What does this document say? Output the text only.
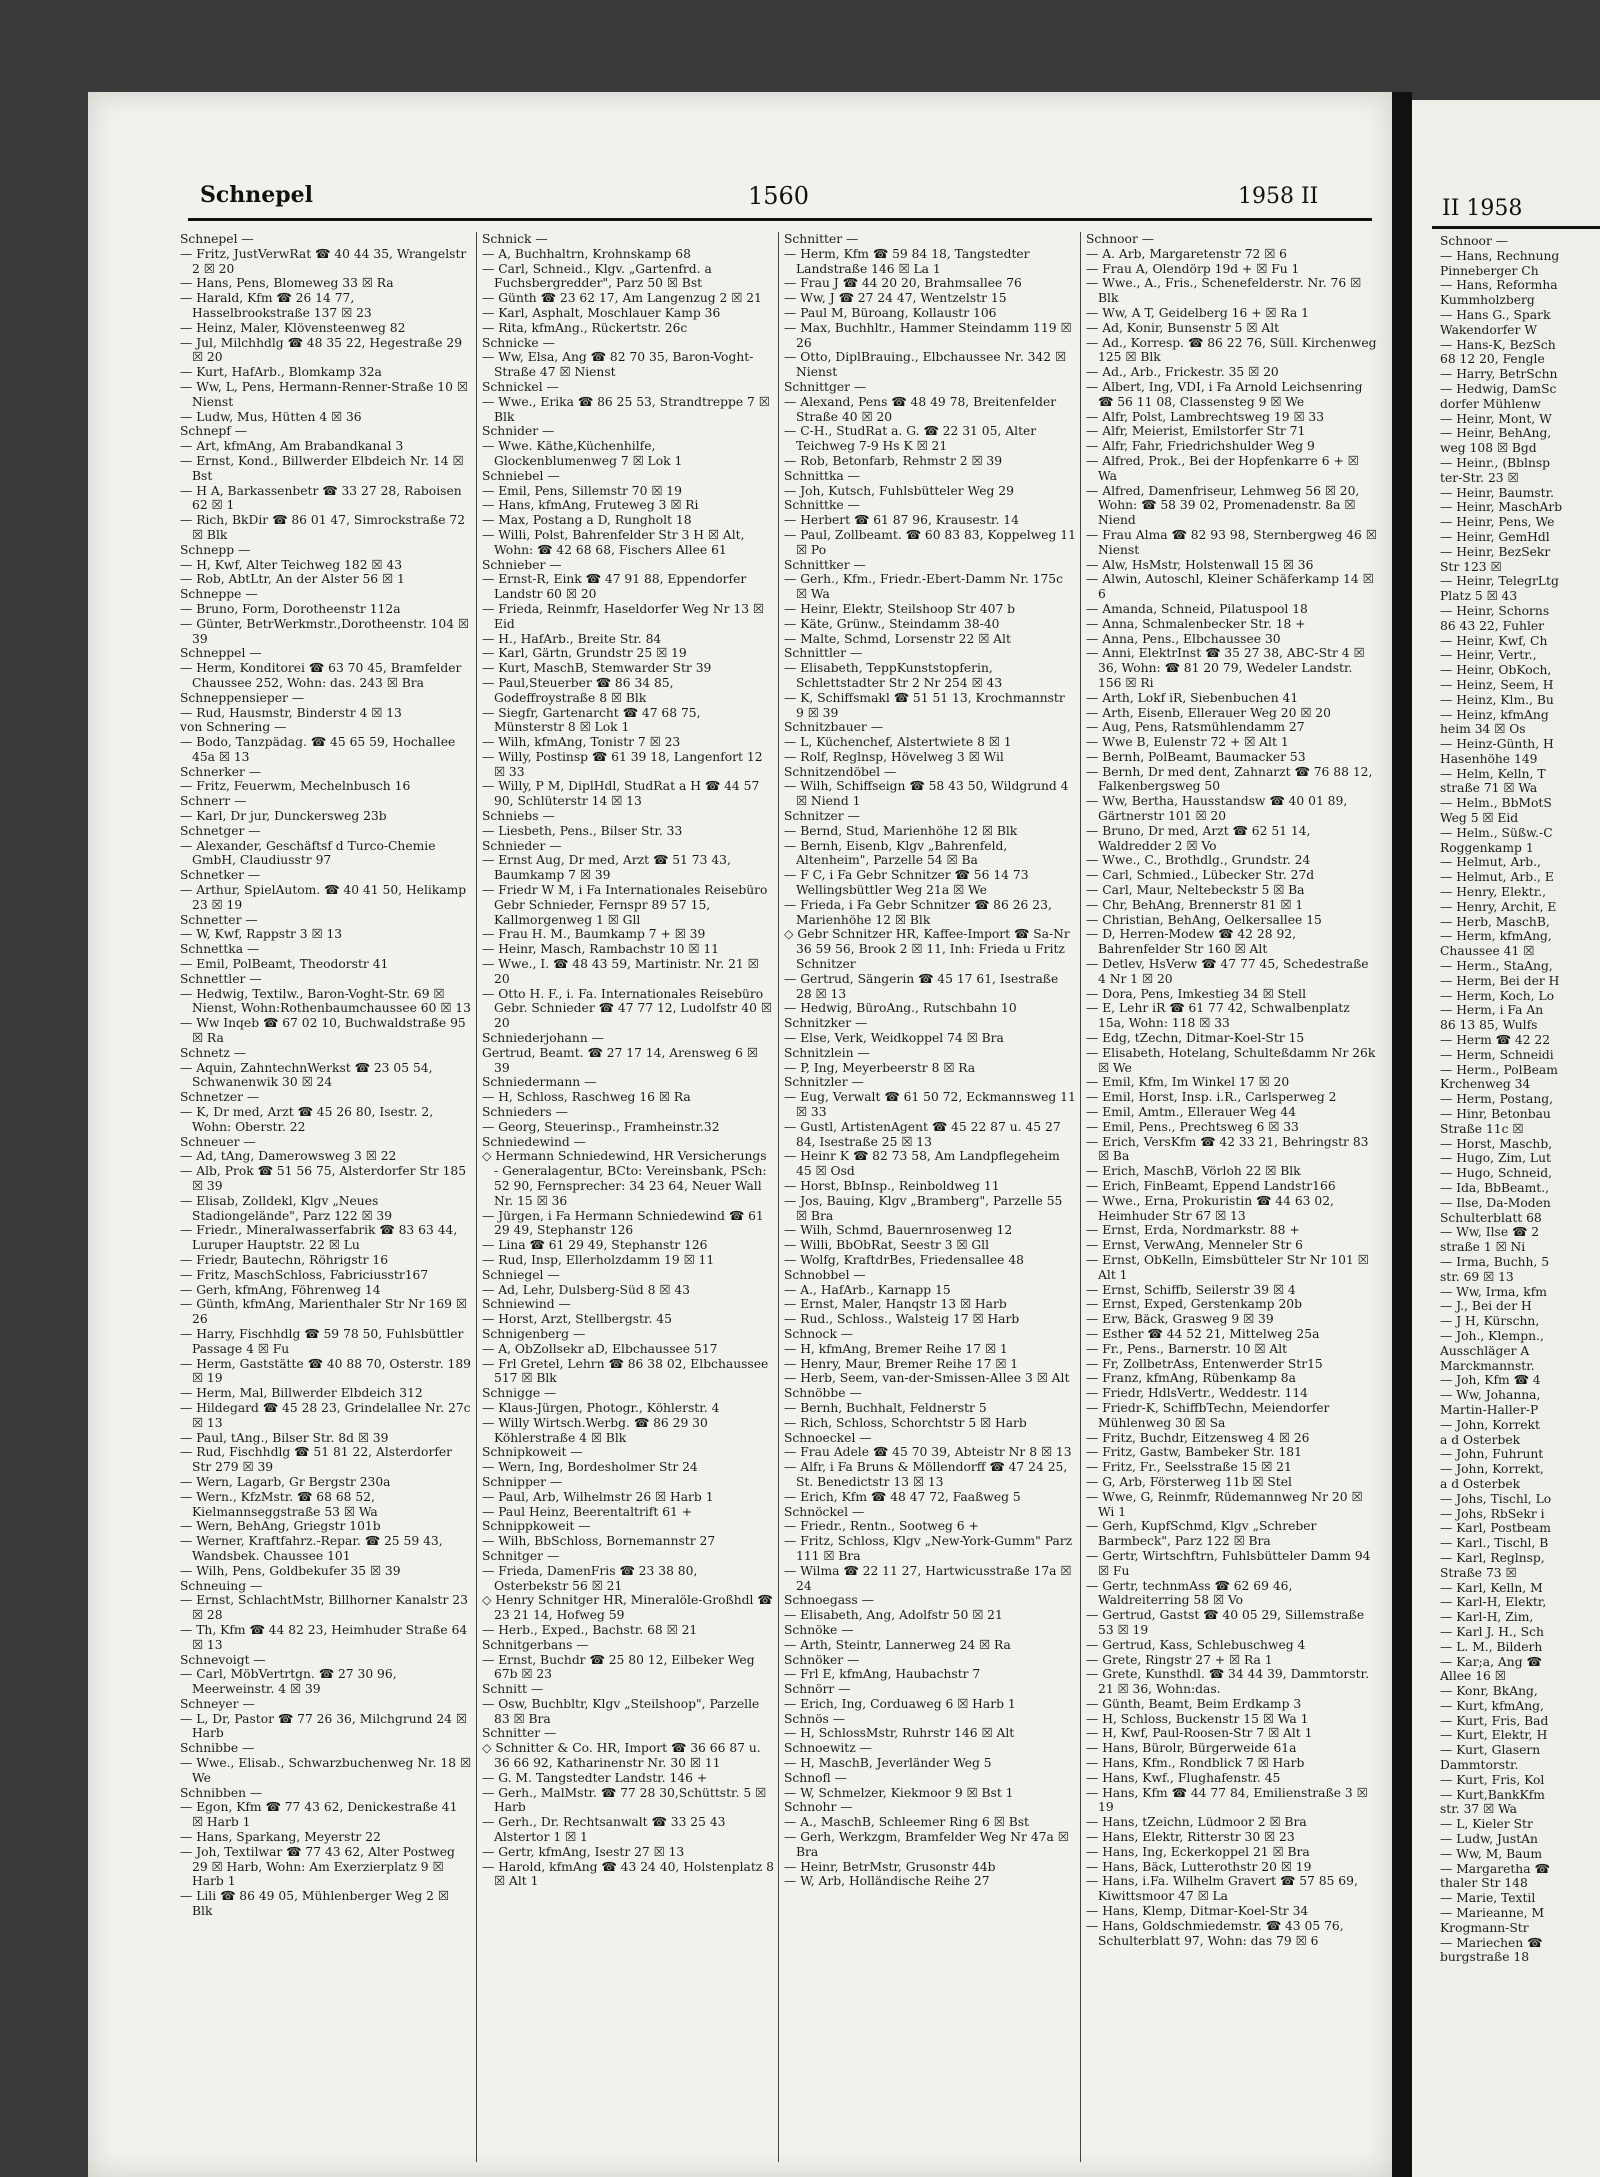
Schnepel	1560	1958 II

Schnepel —

— Fritz, JustVerwRat ☎ 40 44 35, Wrangelstr 2 ☒ 20

— Hans, Pens, Blomeweg 33 ☒ Ra

— Harald, Kfm ☎ 26 14 77, Hasselbrookstraße 137 ☒ 23

— Heinz, Maler, Klövensteenweg 82

— Jul, Milchhdlg ☎ 48 35 22, Hegestraße 29 ☒ 20

— Kurt, HafArb., Blomkamp 32a

— Ww, L, Pens, Hermann-Renner-Straße 10 ☒ Nienst

— Ludw, Mus, Hütten 4 ☒ 36

Schnepf —

— Art, kfmAng, Am Brabandkanal 3

— Ernst, Kond., Billwerder Elbdeich Nr. 14 ☒ Bst

— H A, Barkassenbetr ☎ 33 27 28, Raboisen 62 ☒ 1

— Rich, BkDir ☎ 86 01 47, Simrockstraße 72 ☒ Blk

Schnepp —

— H, Kwf, Alter Teichweg 182 ☒ 43

— Rob, AbtLtr, An der Alster 56 ☒ 1

Schneppe —

— Bruno, Form, Dorotheenstr 112a

— Günter, BetrWerkmstr.,Dorotheenstr. 104 ☒ 39

Schneppel —

— Herm, Konditorei ☎ 63 70 45, Bramfelder Chaussee 252, Wohn: das. 243 ☒ Bra

Schneppensieper —

— Rud, Hausmstr, Binderstr 4 ☒ 13

von Schnering —

— Bodo, Tanzpädag. ☎ 45 65 59, Hochallee 45a ☒ 13

Schnerker —

— Fritz, Feuerwm, Mechelnbusch 16

Schnerr —

— Karl, Dr jur, Dunckersweg 23b

Schnetger —

— Alexander, Geschäftsf d Turco-Chemie GmbH, Claudiusstr 97

Schnetker —

— Arthur, SpielAutom. ☎ 40 41 50, Helikamp 23 ☒ 19

Schnetter —

— W, Kwf, Rappstr 3 ☒ 13

Schnettka —

— Emil, PolBeamt, Theodorstr 41

Schnettler —

— Hedwig, Textilw., Baron-Voght-Str. 69 ☒ Nienst, Wohn:Rothenbaumchaussee 60 ☒ 13

— Ww Inqeb ☎ 67 02 10, Buchwaldstraße 95 ☒ Ra

Schnetz —

— Aquin, ZahntechnWerkst ☎ 23 05 54, Schwanenwik 30 ☒ 24

Schnetzer —

— K, Dr med, Arzt ☎ 45 26 80, Isestr. 2, Wohn: Oberstr. 22

Schneuer —

— Ad, tAng, Damerowsweg 3 ☒ 22

— Alb, Prok ☎ 51 56 75, Alsterdorfer Str 185 ☒ 39

— Elisab, Zolldekl, Klgv „Neues Stadiongelände", Parz 122 ☒ 39

— Friedr., Mineralwasserfabrik ☎ 83 63 44, Luruper Hauptstr. 22 ☒ Lu

— Friedr, Bautechn, Röhrigstr 16

— Fritz, MaschSchloss, Fabriciusstr167

— Gerh, kfmAng, Föhrenweg 14

— Günth, kfmAng, Marienthaler Str Nr 169 ☒ 26

— Harry, Fischhdlg ☎ 59 78 50, Fuhlsbüttler Passage 4 ☒ Fu

— Herm, Gaststätte ☎ 40 88 70, Osterstr. 189 ☒ 19

— Herm, Mal, Billwerder Elbdeich 312

— Hildegard ☎ 45 28 23, Grindelallee Nr. 27c ☒ 13

— Paul, tAng., Bilser Str. 8d ☒ 39

— Rud, Fischhdlg ☎ 51 81 22, Alsterdorfer Str 279 ☒ 39

— Wern, Lagarb, Gr Bergstr 230a

— Wern., KfzMstr. ☎ 68 68 52, Kielmannseggstraße 53 ☒ Wa

— Wern, BehAng, Griegstr 101b

— Werner, Kraftfahrz.-Repar. ☎ 25 59 43, Wandsbek. Chaussee 101

— Wilh, Pens, Goldbekufer 35 ☒ 39

Schneuing —

— Ernst, SchlachtMstr, Billhorner Kanalstr 23 ☒ 28

— Th, Kfm ☎ 44 82 23, Heimhuder Straße 64 ☒ 13

Schnevoigt —

— Carl, MöbVertrtgn. ☎ 27 30 96, Meerweinstr. 4 ☒ 39

Schneyer —

— L, Dr, Pastor ☎ 77 26 36, Milchgrund 24 ☒ Harb

Schnibbe —

— Wwe., Elisab., Schwarzbuchenweg Nr. 18 ☒ We

Schnibben —

— Egon, Kfm ☎ 77 43 62, Denickestraße 41 ☒ Harb 1

— Hans, Sparkang, Meyerstr 22

— Joh, Textilwar ☎ 77 43 62, Alter Postweg 29 ☒ Harb, Wohn: Am Exerzierplatz 9 ☒ Harb 1

— Lili ☎ 86 49 05, Mühlenberger Weg 2 ☒ Blk

Schnick —

— A, Buchhaltrn, Krohnskamp 68

— Carl, Schneid., Klgv. „Gartenfrd. a Fuchsbergredder", Parz 50 ☒ Bst

— Günth ☎ 23 62 17, Am Langenzug 2 ☒ 21

— Karl, Asphalt, Moschlauer Kamp 36

— Rita, kfmAng., Rückertstr. 26c

Schnicke —

— Ww, Elsa, Ang ☎ 82 70 35, Baron-Voght-Straße 47 ☒ Nienst

Schnickel —

— Wwe., Erika ☎ 86 25 53, Strandtreppe 7 ☒ Blk

Schnider —

— Wwe. Käthe,Küchenhilfe, Glockenblumenweg 7 ☒ Lok 1

Schniebel —

— Emil, Pens, Sillemstr 70 ☒ 19

— Hans, kfmAng, Fruteweg 3 ☒ Ri

— Max, Postang a D, Rungholt 18

— Willi, Polst, Bahrenfelder Str 3 H ☒ Alt, Wohn: ☎ 42 68 68, Fischers Allee 61

Schnieber —

— Ernst-R, Eink ☎ 47 91 88, Eppendorfer Landstr 60 ☒ 20

— Frieda, Reinmfr, Haseldorfer Weg Nr 13 ☒ Eid

— H., HafArb., Breite Str. 84

— Karl, Gärtn, Grundstr 25 ☒ 19

— Kurt, MaschB, Stemwarder Str 39

— Paul,Steuerber ☎ 86 34 85, Godeffroystraße 8 ☒ Blk

— Siegfr, Gartenarcht ☎ 47 68 75, Münsterstr 8 ☒ Lok 1

— Wilh, kfmAng, Tonistr 7 ☒ 23

— Willy, Postinsp ☎ 61 39 18, Langenfort 12 ☒ 33

— Willy, P M, DiplHdl, StudRat a H ☎ 44 57 90, Schlüterstr 14 ☒ 13

Schniebs —

— Liesbeth, Pens., Bilser Str. 33

Schnieder —

— Ernst Aug, Dr med, Arzt ☎ 51 73 43, Baumkamp 7 ☒ 39

— Friedr W M, i Fa Internationales Reisebüro Gebr Schnieder, Fernspr 89 57 15, Kallmorgenweg 1 ☒ Gll

— Frau H. M., Baumkamp 7 + ☒ 39

— Heinr, Masch, Rambachstr 10 ☒ 11

— Wwe., I. ☎ 48 43 59, Martinistr. Nr. 21 ☒ 20

— Otto H. F., i. Fa. Internationales Reisebüro Gebr. Schnieder ☎ 47 77 12, Ludolfstr 40 ☒ 20

Schniederjohann —

Gertrud, Beamt. ☎ 27 17 14, Arensweg 6 ☒ 39

Schniedermann —

— H, Schloss, Raschweg 16 ☒ Ra

Schnieders —

— Georg, Steuerinsp., Framheinstr.32

Schniedewind —

◇ Hermann Schniedewind, HR Versicherungs - Generalagentur, BCto: Vereinsbank, PSch: 52 90, Fernsprecher: 34 23 64, Neuer Wall Nr. 15 ☒ 36

— Jürgen, i Fa Hermann Schniedewind ☎ 61 29 49, Stephanstr 126

— Lina ☎ 61 29 49, Stephanstr 126

— Rud, Insp, Ellerholzdamm 19 ☒ 11

Schniegel —

— Ad, Lehr, Dulsberg-Süd 8 ☒ 43

Schniewind —

— Horst, Arzt, Stellbergstr. 45

Schnigenberg —

— A, ObZollsekr aD, Elbchaussee 517

— Frl Gretel, Lehrn ☎ 86 38 02, Elbchaussee 517 ☒ Blk

Schnigge —

— Klaus-Jürgen, Photogr., Köhlerstr. 4

— Willy Wirtsch.Werbg. ☎ 86 29 30 Köhlerstraße 4 ☒ Blk

Schnipkoweit —

— Wern, Ing, Bordesholmer Str 24

Schnipper —

— Paul, Arb, Wilhelmstr 26 ☒ Harb 1

— Paul Heinz, Beerentaltrift 61 +

Schnippkoweit —

— Wilh, BbSchloss, Bornemannstr 27

Schnitger —

— Frieda, DamenFris ☎ 23 38 80, Osterbekstr 56 ☒ 21

◇ Henry Schnitger HR, Mineralöle-Großhdl ☎ 23 21 14, Hofweg 59

— Herb., Exped., Bachstr. 68 ☒ 21

Schnitgerbans —

— Ernst, Buchdr ☎ 25 80 12, Eilbeker Weg 67b ☒ 23

Schnitt —

— Osw, Buchbltr, Klgv „Steilshoop", Parzelle 83 ☒ Bra

Schnitter —

◇ Schnitter & Co. HR, Import ☎ 36 66 87 u. 36 66 92, Katharinenstr Nr. 30 ☒ 11

— G. M. Tangstedter Landstr. 146 +

— Gerh., MalMstr. ☎ 77 28 30,Schüttstr. 5 ☒ Harb

— Gerh., Dr. Rechtsanwalt ☎ 33 25 43 Alstertor 1 ☒ 1

— Gertr, kfmAng, Isestr 27 ☒ 13

— Harold, kfmAng ☎ 43 24 40, Holstenplatz 8 ☒ Alt 1

Schnitter —

— Herm, Kfm ☎ 59 84 18, Tangstedter Landstraße 146 ☒ La 1

— Frau J ☎ 44 20 20, Brahmsallee 76

— Ww, J ☎ 27 24 47, Wentzelstr 15

— Paul M, Büroang, Kollaustr 106

— Max, Buchhltr., Hammer Steindamm 119 ☒ 26

— Otto, DiplBrauing., Elbchaussee Nr. 342 ☒ Nienst

Schnittger —

— Alexand, Pens ☎ 48 49 78, Breitenfelder Straße 40 ☒ 20

— C-H., StudRat a. G. ☎ 22 31 05, Alter Teichweg 7-9 Hs K ☒ 21

— Rob, Betonfarb, Rehmstr 2 ☒ 39

Schnittka —

— Joh, Kutsch, Fuhlsbütteler Weg 29

Schnittke —

— Herbert ☎ 61 87 96, Krausestr. 14

— Paul, Zollbeamt. ☎ 60 83 83, Koppelweg 11 ☒ Po

Schnittker —

— Gerh., Kfm., Friedr.-Ebert-Damm Nr. 175c ☒ Wa

— Heinr, Elektr, Steilshoop Str 407 b

— Käte, Grünw., Steindamm 38-40

— Malte, Schmd, Lorsenstr 22 ☒ Alt

Schnittler —

— Elisabeth, TeppKunststopferin, Schlettstadter Str 2 Nr 254 ☒ 43

— K, Schiffsmakl ☎ 51 51 13, Krochmannstr 9 ☒ 39

Schnitzbauer —

— L, Küchenchef, Alstertwiete 8 ☒ 1

— Rolf, Reglnsp, Hövelweg 3 ☒ Wil

Schnitzendöbel —

— Wilh, Schiffseign ☎ 58 43 50, Wildgrund 4 ☒ Niend 1

Schnitzer —

— Bernd, Stud, Marienhöhe 12 ☒ Blk

— Bernh, Eisenb, Klgv „Bahrenfeld, Altenheim", Parzelle 54 ☒ Ba

— F C, i Fa Gebr Schnitzer ☎ 56 14 73 Wellingsbüttler Weg 21a ☒ We

— Frieda, i Fa Gebr Schnitzer ☎ 86 26 23, Marienhöhe 12 ☒ Blk

◇ Gebr Schnitzer HR, Kaffee-Import ☎ Sa-Nr 36 59 56, Brook 2 ☒ 11, Inh: Frieda u Fritz Schnitzer

— Gertrud, Sängerin ☎ 45 17 61, Isestraße 28 ☒ 13

— Hedwig, BüroAng., Rutschbahn 10

Schnitzker —

— Else, Verk, Weidkoppel 74 ☒ Bra

Schnitzlein —

— P, Ing, Meyerbeerstr 8 ☒ Ra

Schnitzler —

— Eug, Verwalt ☎ 61 50 72, Eckmannsweg 11 ☒ 33

— Gustl, ArtistenAgent ☎ 45 22 87 u. 45 27 84, Isestraße 25 ☒ 13

— Heinr K ☎ 82 73 58, Am Landpflegeheim 45 ☒ Osd

— Horst, BbInsp., Reinboldweg 11

— Jos, Bauing, Klgv „Bramberg", Parzelle 55 ☒ Bra

— Wilh, Schmd, Bauernrosenweg 12

— Willi, BbObRat, Seestr 3 ☒ Gll

— Wolfg, KraftdrBes, Friedensallee 48

Schnobbel —

— A., HafArb., Karnapp 15

— Ernst, Maler, Hanqstr 13 ☒ Harb

— Rud., Schloss., Walsteig 17 ☒ Harb

Schnock —

— H, kfmAng, Bremer Reihe 17 ☒ 1

— Henry, Maur, Bremer Reihe 17 ☒ 1

— Herb, Seem, van-der-Smissen-Allee 3 ☒ Alt

Schnöbbe —

— Bernh, Buchhalt, Feldnerstr 5

— Rich, Schloss, Schorchtstr 5 ☒ Harb

Schnoeckel —

— Frau Adele ☎ 45 70 39, Abteistr Nr 8 ☒ 13

— Alfr, i Fa Bruns & Möllendorff ☎ 47 24 25, St. Benedictstr 13 ☒ 13

— Erich, Kfm ☎ 48 47 72, Faaßweg 5

Schnöckel —

— Friedr., Rentn., Sootweg 6 +

— Fritz, Schloss, Klgv „New-York-Gumm" Parz 111 ☒ Bra

— Wilma ☎ 22 11 27, Hartwicusstraße 17a ☒ 24

Schnoegass —

— Elisabeth, Ang, Adolfstr 50 ☒ 21

Schnöke —

— Arth, Steintr, Lannerweg 24 ☒ Ra

Schnöker —

— Frl E, kfmAng, Haubachstr 7

Schnörr —

— Erich, Ing, Corduaweg 6 ☒ Harb 1

Schnös —

— H, SchlossMstr, Ruhrstr 146 ☒ Alt

Schnoewitz —

— H, MaschB, Jeverländer Weg 5

Schnofl —

— W, Schmelzer, Kiekmoor 9 ☒ Bst 1

Schnohr —

— A., MaschB, Schleemer Ring 6 ☒ Bst

— Gerh, Werkzgm, Bramfelder Weg Nr 47a ☒ Bra

— Heinr, BetrMstr, Grusonstr 44b

— W, Arb, Holländische Reihe 27

Schnoor —

— A. Arb, Margaretenstr 72 ☒ 6

— Frau A, Olendörp 19d + ☒ Fu 1

— Wwe., A., Fris., Schenefelderstr. Nr. 76 ☒ Blk

— Ww, A T, Geidelberg 16 + ☒ Ra 1

— Ad, Konir, Bunsenstr 5 ☒ Alt

— Ad., Korresp. ☎ 86 22 76, Süll. Kirchenweg 125 ☒ Blk

— Ad., Arb., Frickestr. 35 ☒ 20

— Albert, Ing, VDI, i Fa Arnold Leichsenring ☎ 56 11 08, Classensteg 9 ☒ We

— Alfr, Polst, Lambrechtsweg 19 ☒ 33

— Alfr, Meierist, Emilstorfer Str 71

— Alfr, Fahr, Friedrichshulder Weg 9

— Alfred, Prok., Bei der Hopfenkarre 6 + ☒ Wa

— Alfred, Damenfriseur, Lehmweg 56 ☒ 20, Wohn: ☎ 58 39 02, Promenadenstr. 8a ☒ Niend

— Frau Alma ☎ 82 93 98, Sternbergweg 46 ☒ Nienst

— Alw, HsMstr, Holstenwall 15 ☒ 36

— Alwin, Autoschl, Kleiner Schäferkamp 14 ☒ 6

— Amanda, Schneid, Pilatuspool 18

— Anna, Schmalenbecker Str. 18 +

— Anna, Pens., Elbchaussee 30

— Anni, ElektrInst ☎ 35 27 38, ABC-Str 4 ☒ 36, Wohn: ☎ 81 20 79, Wedeler Landstr. 156 ☒ Ri

— Arth, Lokf iR, Siebenbuchen 41

— Arth, Eisenb, Ellerauer Weg 20 ☒ 20

— Aug, Pens, Ratsmühlendamm 27

— Wwe B, Eulenstr 72 + ☒ Alt 1

— Bernh, PolBeamt, Baumacker 53

— Bernh, Dr med dent, Zahnarzt ☎ 76 88 12, Falkenbergsweg 50

— Ww, Bertha, Hausstandsw ☎ 40 01 89, Gärtnerstr 101 ☒ 20

— Bruno, Dr med, Arzt ☎ 62 51 14, Waldredder 2 ☒ Vo

— Wwe., C., Brothdlg., Grundstr. 24

— Carl, Schmied., Lübecker Str. 27d

— Carl, Maur, Neltebeckstr 5 ☒ Ba

— Chr, BehAng, Brennerstr 81 ☒ 1

— Christian, BehAng, Oelkersallee 15

— D, Herren-Modew ☎ 42 28 92, Bahrenfelder Str 160 ☒ Alt

— Detlev, HsVerw ☎ 47 77 45, Schedestraße 4 Nr 1 ☒ 20

— Dora, Pens, Imkestieg 34 ☒ Stell

— E, Lehr iR ☎ 61 77 42, Schwalbenplatz 15a, Wohn: 118 ☒ 33

— Edg, tZechn, Ditmar-Koel-Str 15

— Elisabeth, Hotelang, Schulteßdamm Nr 26k ☒ We

— Emil, Kfm, Im Winkel 17 ☒ 20

— Emil, Horst, Insp. i.R., Carlsperweg 2

— Emil, Amtm., Ellerauer Weg 44

— Emil, Pens., Prechtsweg 6 ☒ 33

— Erich, VersKfm ☎ 42 33 21, Behringstr 83 ☒ Ba

— Erich, MaschB, Vörloh 22 ☒ Blk

— Erich, FinBeamt, Eppend Landstr166

— Wwe., Erna, Prokuristin ☎ 44 63 02, Heimhuder Str 67 ☒ 13

— Ernst, Erda, Nordmarkstr. 88 +

— Ernst, VerwAng, Menneler Str 6

— Ernst, ObKelln, Eimsbütteler Str Nr 101 ☒ Alt 1

— Ernst, Schiffb, Seilerstr 39 ☒ 4

— Ernst, Exped, Gerstenkamp 20b

— Erw, Bäck, Grasweg 9 ☒ 39

— Esther ☎ 44 52 21, Mittelweg 25a

— Fr., Pens., Barnerstr. 10 ☒ Alt

— Fr, ZollbetrAss, Entenwerder Str15

— Franz, kfmAng, Rübenkamp 8a

— Friedr, HdlsVertr., Weddestr. 114

— Friedr-K, SchiffbTechn, Meiendorfer Mühlenweg 30 ☒ Sa

— Fritz, Buchdr, Eitzensweg 4 ☒ 26

— Fritz, Gastw, Bambeker Str. 181

— Fritz, Fr., Seelsstraße 15 ☒ 21

— G, Arb, Försterweg 11b ☒ Stel

— Wwe, G, Reinmfr, Rüdemannweg Nr 20 ☒ Wi 1

— Gerh, KupfSchmd, Klgv „Schreber Barmbeck", Parz 122 ☒ Bra

— Gertr, Wirtschftrn, Fuhlsbütteler Damm 94 ☒ Fu

— Gertr, technmAss ☎ 62 69 46, Waldreiterring 58 ☒ Vo

— Gertrud, Gastst ☎ 40 05 29, Sillemstraße 53 ☒ 19

— Gertrud, Kass, Schlebuschweg 4

— Grete, Ringstr 27 + ☒ Ra 1

— Grete, Kunsthdl. ☎ 34 44 39, Dammtorstr. 21 ☒ 36, Wohn:das.

— Günth, Beamt, Beim Erdkamp 3

— H, Schloss, Buckenstr 15 ☒ Wa 1

— H, Kwf, Paul-Roosen-Str 7 ☒ Alt 1

— Hans, Bürolr, Bürgerweide 61a

— Hans, Kfm., Rondblick 7 ☒ Harb

— Hans, Kwf., Flughafenstr. 45

— Hans, Kfm ☎ 44 77 84, Emilienstraße 3 ☒ 19

— Hans, tZeichn, Lüdmoor 2 ☒ Bra

— Hans, Elektr, Ritterstr 30 ☒ 23

— Hans, Ing, Eckerkoppel 21 ☒ Bra

— Hans, Bäck, Lutterothstr 20 ☒ 19

— Hans, i.Fa. Wilhelm Gravert ☎ 57 85 69, Kiwittsmoor 47 ☒ La

— Hans, Klemp, Ditmar-Koel-Str 34

— Hans, Goldschmiedemstr. ☎ 43 05 76, Schulterblatt 97, Wohn: das 79 ☒ 6

II 1958
Schnoor —
— Hans, Rechnung
Pinneberger Ch
— Hans, Reformha
Kummholzberg
— Hans G., Spark
Wakendorfer W
— Hans-K, BezSch
68 12 20, Fengle
— Harry, BetrSchn
— Hedwig, DamSc
dorfer Mühlenw
— Heinr, Mont, W
— Heinr, BehAng,
weg 108 ☒ Bgd
— Heinr., (Bblnsp
ter-Str. 23 ☒
— Heinr, Baumstr.
— Heinr, MaschArb
— Heinr, Pens, We
— Heinr, GemHdl
— Heinr, BezSekr
Str 123 ☒
— Heinr, TelegrLtg
Platz 5 ☒ 43
— Heinr, Schorns
86 43 22, Fuhler
— Heinr, Kwf, Ch
— Heinr, Vertr.,
— Heinr, ObKoch,
— Heinz, Seem, H
— Heinz, Klm., Bu
— Heinz, kfmAng
heim 34 ☒ Os
— Heinz-Günth, H
Hasenhöhe 149
— Helm, Kelln, T
straße 71 ☒ Wa
— Helm., BbMotS
Weg 5 ☒ Eid
— Helm., Süßw.-C
Roggenkamp 1
— Helmut, Arb.,
— Helmut, Arb., E
— Henry, Elektr.,
— Henry, Archit, E
— Herb, MaschB,
— Herm, kfmAng,
Chaussee 41 ☒
— Herm., StaAng,
— Herm, Bei der H
— Herm, Koch, Lo
— Herm, i Fa An
86 13 85, Wulfs
— Herm ☎ 42 22
— Herm, Schneidi
— Herm., PolBeam
Krchenweg 34
— Herm, Postang,
— Hinr, Betonbau
Straße 11c ☒
— Horst, Maschb,
— Hugo, Zim, Lut
— Hugo, Schneid,
— Ida, BbBeamt.,
— Ilse, Da-Moden
Schulterblatt 68
— Ww, Ilse ☎ 2
straße 1 ☒ Ni
— Irma, Buchh, 5
str. 69 ☒ 13
— Ww, Irma, kfm
— J., Bei der H
— J H, Kürschn,
— Joh., Klempn.,
Ausschläger A
Marckmannstr.
— Joh, Kfm ☎ 4
— Ww, Johanna,
Martin-Haller-P
— John, Korrekt
a d Osterbek
— John, Fuhrunt
— John, Korrekt,
a d Osterbek
— Johs, Tischl, Lo
— Johs, RbSekr i
— Karl, Postbeam
— Karl., Tischl, B
— Karl, Reglnsp,
Straße 73 ☒
— Karl, Kelln, M
— Karl-H, Elektr,
— Karl-H, Zim,
— Karl J. H., Sch
— L. M., Bilderh
— Kar;a, Ang ☎
Allee 16 ☒
— Konr, BkAng,
— Kurt, kfmAng,
— Kurt, Fris, Bad
— Kurt, Elektr, H
— Kurt, Glasern
Dammtorstr.
— Kurt, Fris, Kol
— Kurt,BankKfm
str. 37 ☒ Wa
— L, Kieler Str
— Ludw, JustAn
— Ww, M, Baum
— Margaretha ☎
thaler Str 148
— Marie, Textil
— Marieanne, M
Krogmann-Str
— Mariechen ☎
burgstraße 18
